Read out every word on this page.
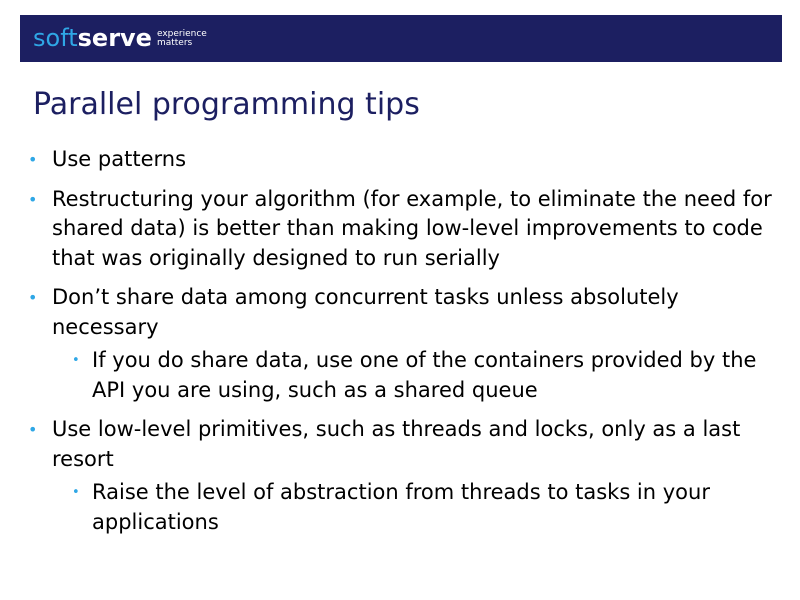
soft serve experience
matters
Parallel programming tips
• Use patterns
• Restructuring your algorithm (for example, to eliminate the need for shared data) is better than making low-level improvements to code that was originally designed to run serially
• Don’t share data among concurrent tasks unless absolutely necessary
• If you do share data, use one of the containers provided by the API you are using, such as a shared queue
• Use low-level primitives, such as threads and locks, only as a last resort
• Raise the level of abstraction from threads to tasks in your applications
